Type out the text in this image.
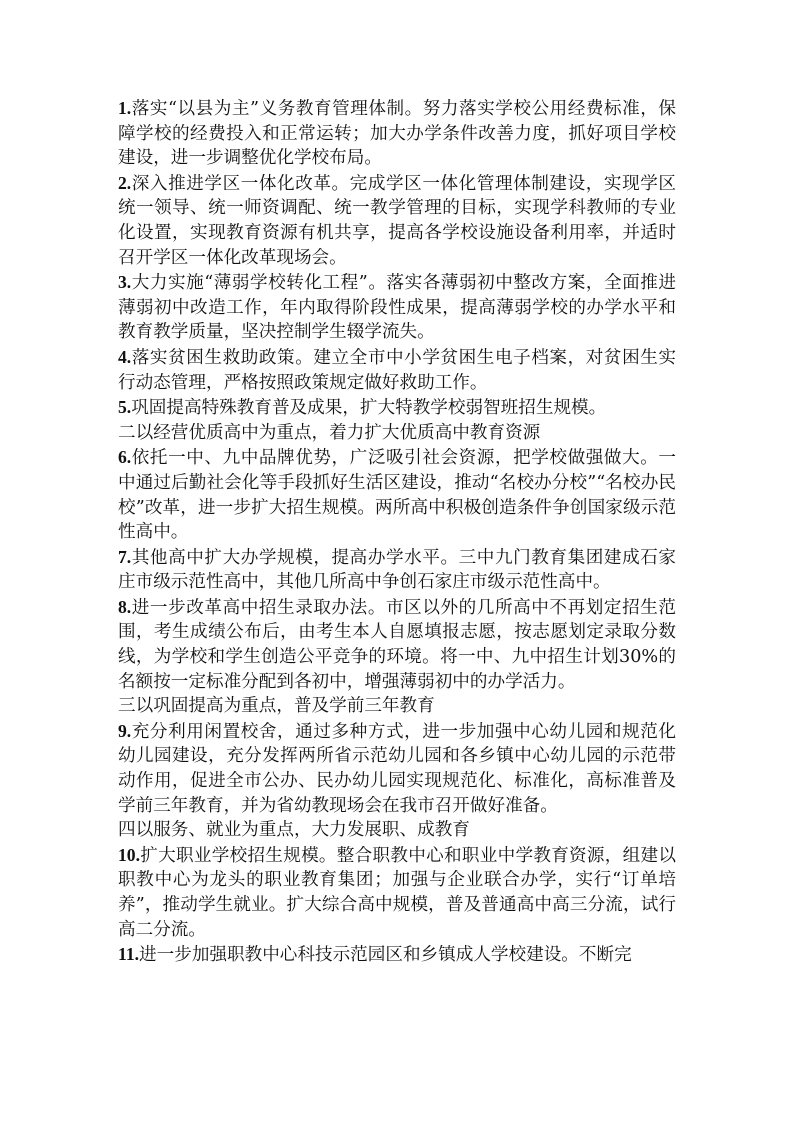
1.落实“以县为主”义务教育管理体制。努力落实学校公用经费标准，保障学校的经费投入和正常运转；加大办学条件改善力度，抓好项目学校建设，进一步调整优化学校布局。

2.深入推进学区一体化改革。完成学区一体化管理体制建设，实现学区统一领导、统一师资调配、统一教学管理的目标，实现学科教师的专业化设置，实现教育资源有机共享，提高各学校设施设备利用率，并适时召开学区一体化改革现场会。

3.大力实施“薄弱学校转化工程”。落实各薄弱初中整改方案，全面推进薄弱初中改造工作，年内取得阶段性成果，提高薄弱学校的办学水平和教育教学质量，坚决控制学生辍学流失。

4.落实贫困生救助政策。建立全市中小学贫困生电子档案，对贫困生实行动态管理，严格按照政策规定做好救助工作。

5.巩固提高特殊教育普及成果，扩大特教学校弱智班招生规模。

二以经营优质高中为重点，着力扩大优质高中教育资源

6.依托一中、九中品牌优势，广泛吸引社会资源，把学校做强做大。一中通过后勤社会化等手段抓好生活区建设，推动“名校办分校”“名校办民校”改革，进一步扩大招生规模。两所高中积极创造条件争创国家级示范性高中。

7.其他高中扩大办学规模，提高办学水平。三中九门教育集团建成石家庄市级示范性高中，其他几所高中争创石家庄市级示范性高中。

8.进一步改革高中招生录取办法。市区以外的几所高中不再划定招生范围，考生成绩公布后，由考生本人自愿填报志愿，按志愿划定录取分数线，为学校和学生创造公平竞争的环境。将一中、九中招生计划30%的名额按一定标准分配到各初中，增强薄弱初中的办学活力。

三以巩固提高为重点，普及学前三年教育

9.充分利用闲置校舍，通过多种方式，进一步加强中心幼儿园和规范化幼儿园建设，充分发挥两所省示范幼儿园和各乡镇中心幼儿园的示范带动作用，促进全市公办、民办幼儿园实现规范化、标准化，高标准普及学前三年教育，并为省幼教现场会在我市召开做好准备。

四以服务、就业为重点，大力发展职、成教育

10.扩大职业学校招生规模。整合职教中心和职业中学教育资源，组建以职教中心为龙头的职业教育集团；加强与企业联合办学，实行“订单培养”，推动学生就业。扩大综合高中规模，普及普通高中高三分流，试行高二分流。

11.进一步加强职教中心科技示范园区和乡镇成人学校建设。不断完
